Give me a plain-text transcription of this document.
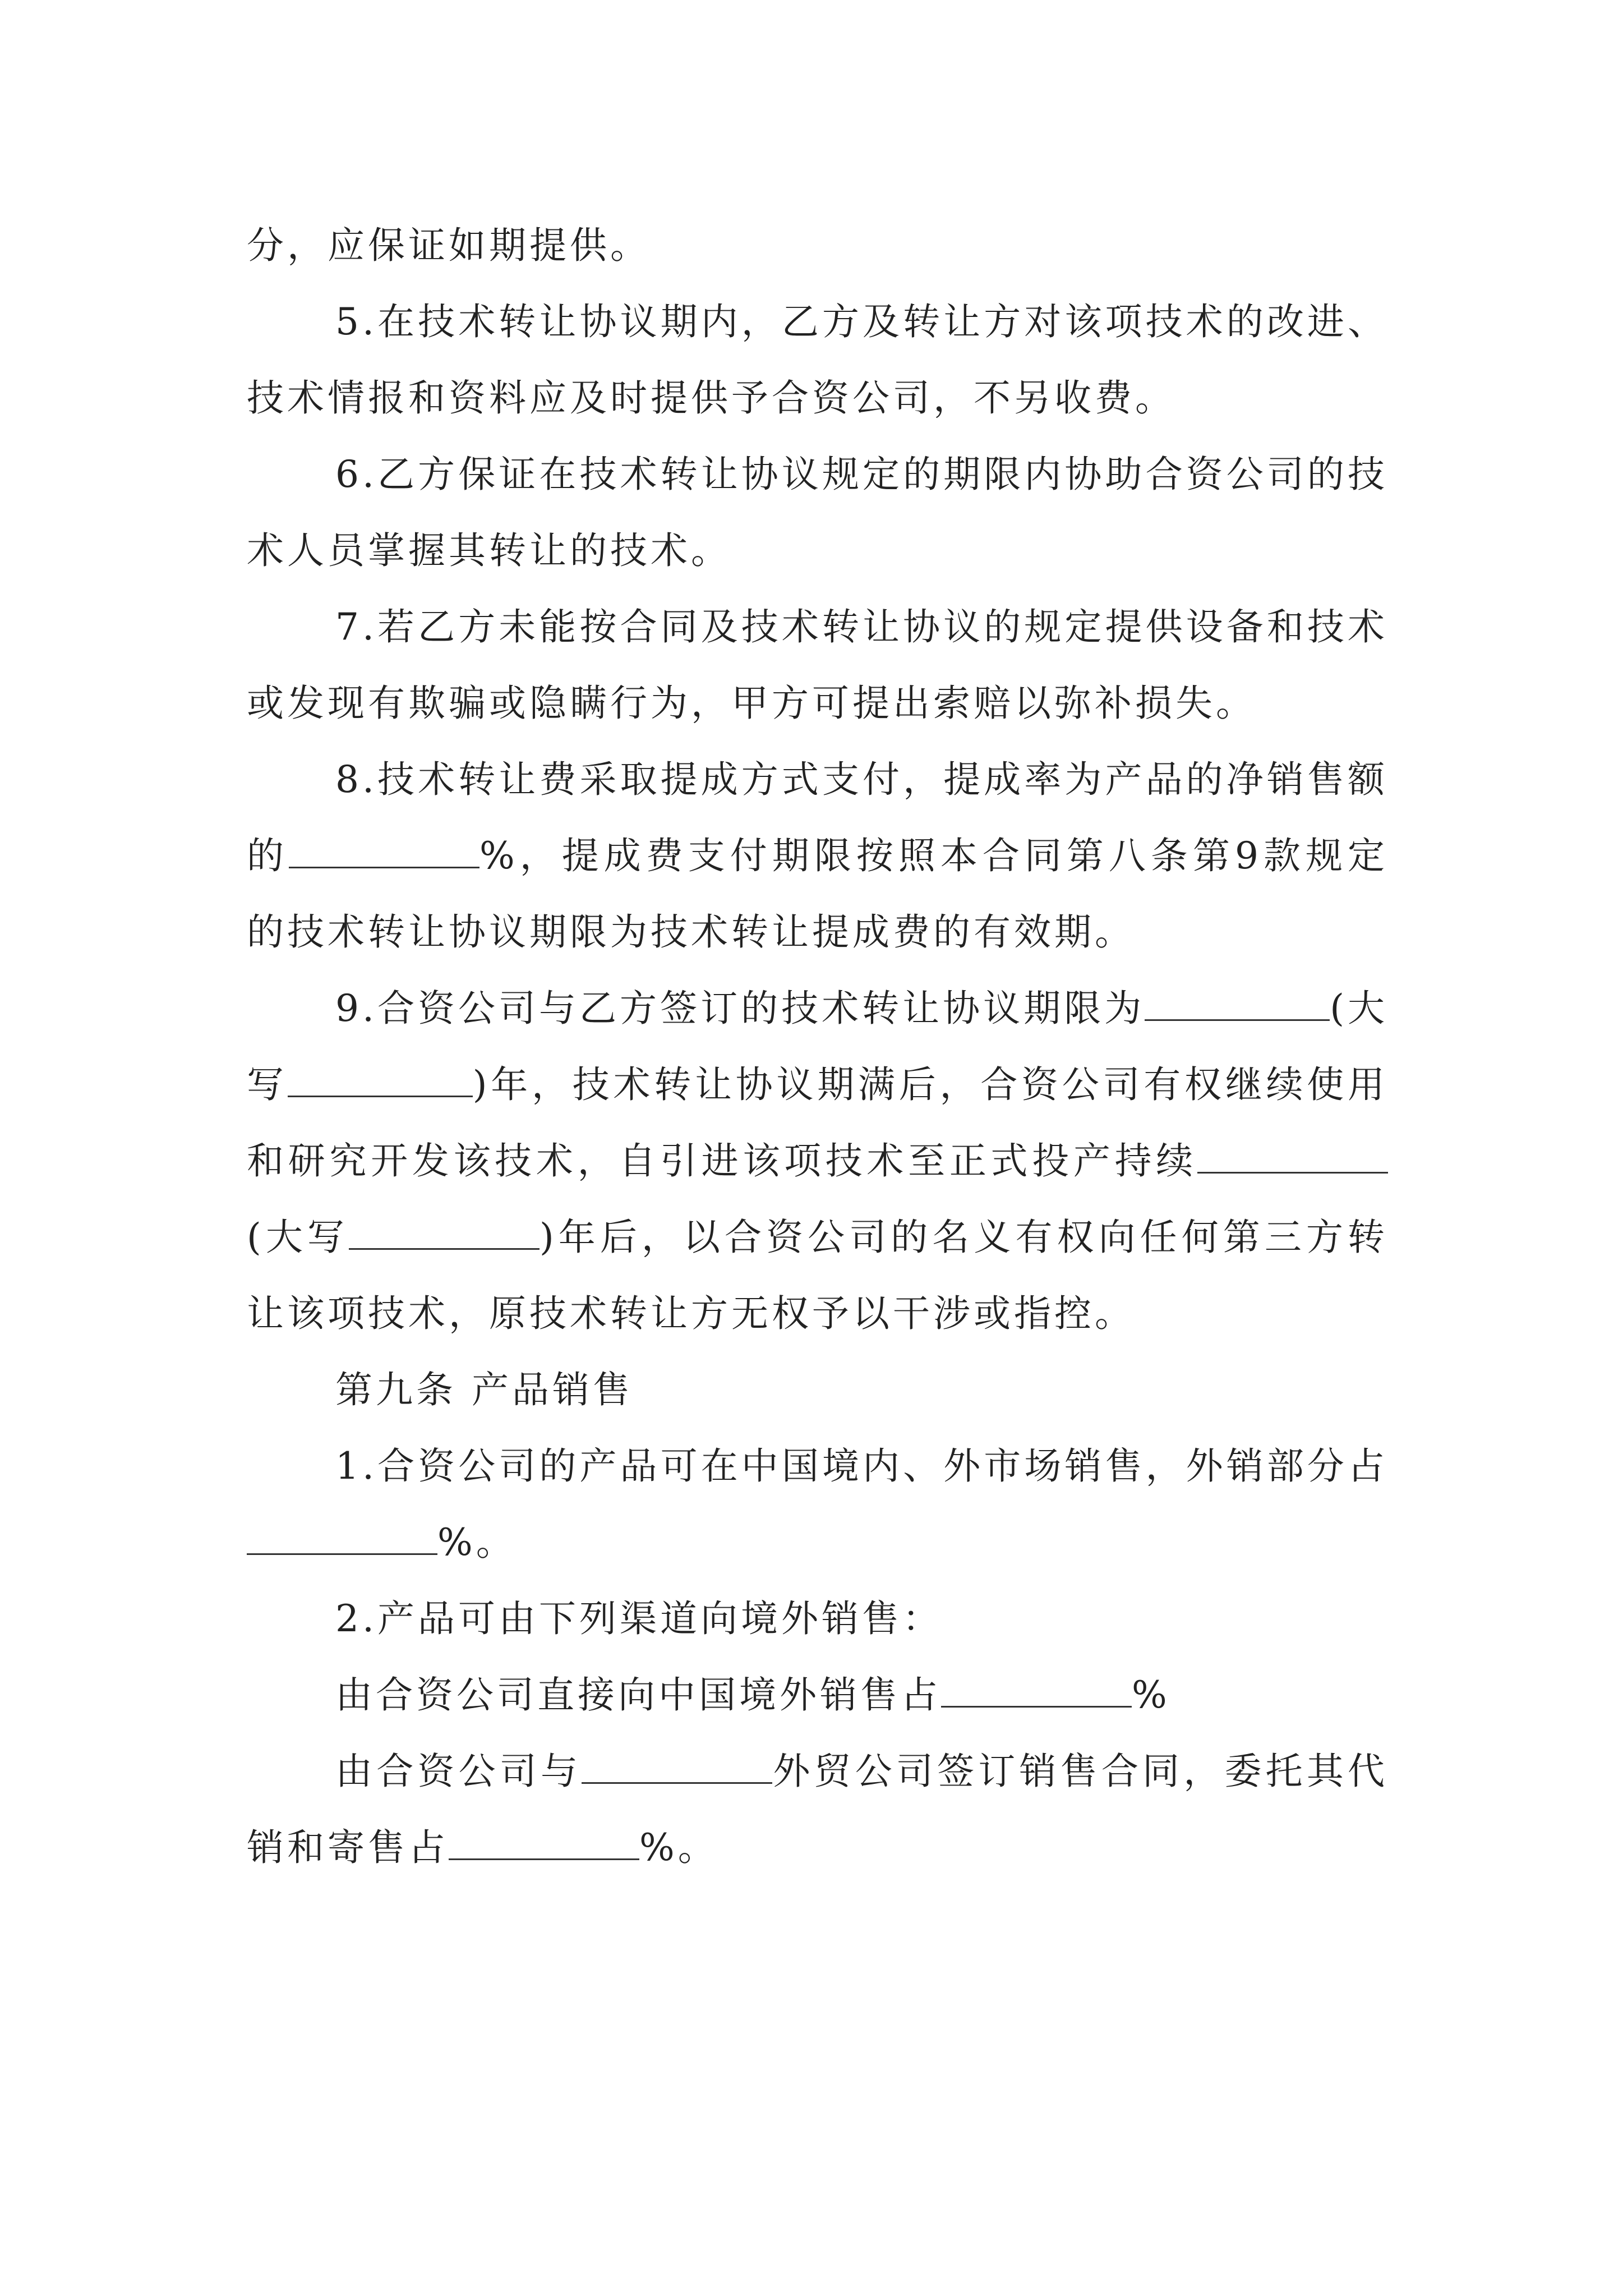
分，应保证如期提供。

5.在技术转让协议期内，乙方及转让方对该项技术的改进、技术情报和资料应及时提供予合资公司，不另收费。

6.乙方保证在技术转让协议规定的期限内协助合资公司的技术人员掌握其转让的技术。

7.若乙方未能按合同及技术转让协议的规定提供设备和技术或发现有欺骗或隐瞒行为，甲方可提出索赔以弥补损失。

8.技术转让费采取提成方式支付，提成率为产品的净销售额的	%，提成费支付期限按照本合同第八条第9款规定的技术转让协议期限为技术转让提成费的有效期。

9.合资公司与乙方签订的技术转让协议期限为	(大写	)年，技术转让协议期满后，合资公司有权继续使用和研究开发该技术，自引进该项技术至正式投产持续(大写	)年后，以合资公司的名义有权向任何第三方转让该项技术，原技术转让方无权予以干涉或指控。

第九条 产品销售

1.合资公司的产品可在中国境内、外市场销售，外销部分占%。

2.产品可由下列渠道向境外销售：

由合资公司直接向中国境外销售占	%

由合资公司与	外贸公司签订销售合同，委托其代销和寄售占	%。
